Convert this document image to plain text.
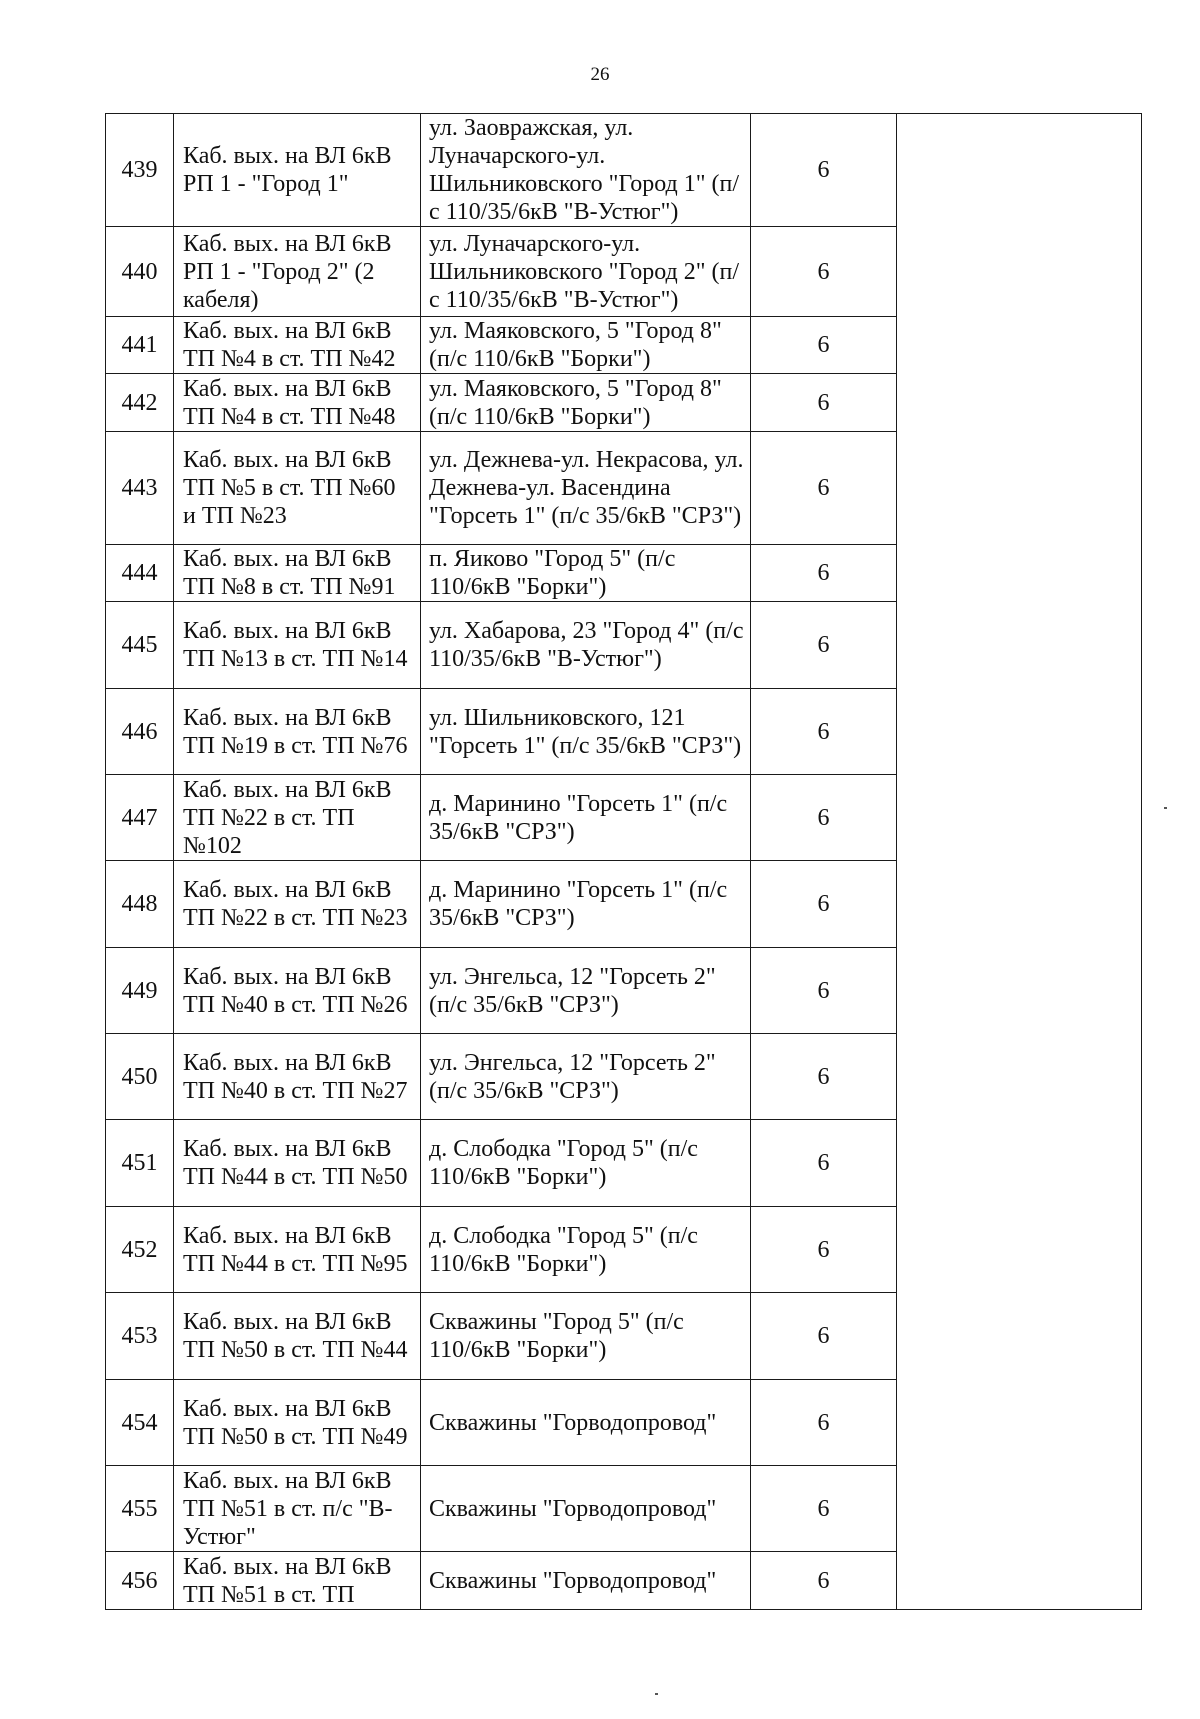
26
439	Каб. вых. на ВЛ 6кВ РП 1 - "Город 1"	ул. Заовражская, ул. Луначарского-ул. Шильниковского "Город 1" (п/с 110/35/6кВ "В-Устюг")	6	
440	Каб. вых. на ВЛ 6кВ РП 1 - "Город 2" (2 кабеля)	ул. Луначарского-ул. Шильниковского "Город 2" (п/с 110/35/6кВ "В-Устюг")	6	
441	Каб. вых. на ВЛ 6кВ ТП №4 в ст. ТП №42	ул. Маяковского, 5 "Город 8" (п/с 110/6кВ "Борки")	6	
442	Каб. вых. на ВЛ 6кВ ТП №4 в ст. ТП №48	ул. Маяковского, 5 "Город 8" (п/с 110/6кВ "Борки")	6	
443	Каб. вых. на ВЛ 6кВ ТП №5 в ст. ТП №60 и ТП №23	ул. Дежнева-ул. Некрасова, ул. Дежнева-ул. Васендина "Горсеть 1" (п/с 35/6кВ "СРЗ")	6	
444	Каб. вых. на ВЛ 6кВ ТП №8 в ст. ТП №91	п. Яиково "Город 5" (п/с 110/6кВ "Борки")	6	
445	Каб. вых. на ВЛ 6кВ ТП №13 в ст. ТП №14	ул. Хабарова, 23 "Город 4" (п/с 110/35/6кВ "В-Устюг")	6	
446	Каб. вых. на ВЛ 6кВ ТП №19 в ст. ТП №76	ул. Шильниковского, 121 "Горсеть 1" (п/с 35/6кВ "СРЗ")	6	
447	Каб. вых. на ВЛ 6кВ ТП №22 в ст. ТП №102	д. Маринино "Горсеть 1" (п/с 35/6кВ "СРЗ")	6	
448	Каб. вых. на ВЛ 6кВ ТП №22 в ст. ТП №23	д. Маринино "Горсеть 1" (п/с 35/6кВ "СРЗ")	6	
449	Каб. вых. на ВЛ 6кВ ТП №40 в ст. ТП №26	ул. Энгельса, 12 "Горсеть 2" (п/с 35/6кВ "СРЗ")	6	
450	Каб. вых. на ВЛ 6кВ ТП №40 в ст. ТП №27	ул. Энгельса, 12 "Горсеть 2" (п/с 35/6кВ "СРЗ")	6	
451	Каб. вых. на ВЛ 6кВ ТП №44 в ст. ТП №50	д. Слободка "Город 5" (п/с 110/6кВ "Борки")	6	
452	Каб. вых. на ВЛ 6кВ ТП №44 в ст. ТП №95	д. Слободка "Город 5" (п/с 110/6кВ "Борки")	6	
453	Каб. вых. на ВЛ 6кВ ТП №50 в ст. ТП №44	Скважины "Город 5" (п/с 110/6кВ "Борки")	6	
454	Каб. вых. на ВЛ 6кВ ТП №50 в ст. ТП №49	Скважины "Горводопровод"	6	
455	Каб. вых. на ВЛ 6кВ ТП №51 в ст. п/с "В-Устюг"	Скважины "Горводопровод"	6	
456	Каб. вых. на ВЛ 6кВ ТП №51 в ст. ТП	Скважины "Горводопровод"	6	
